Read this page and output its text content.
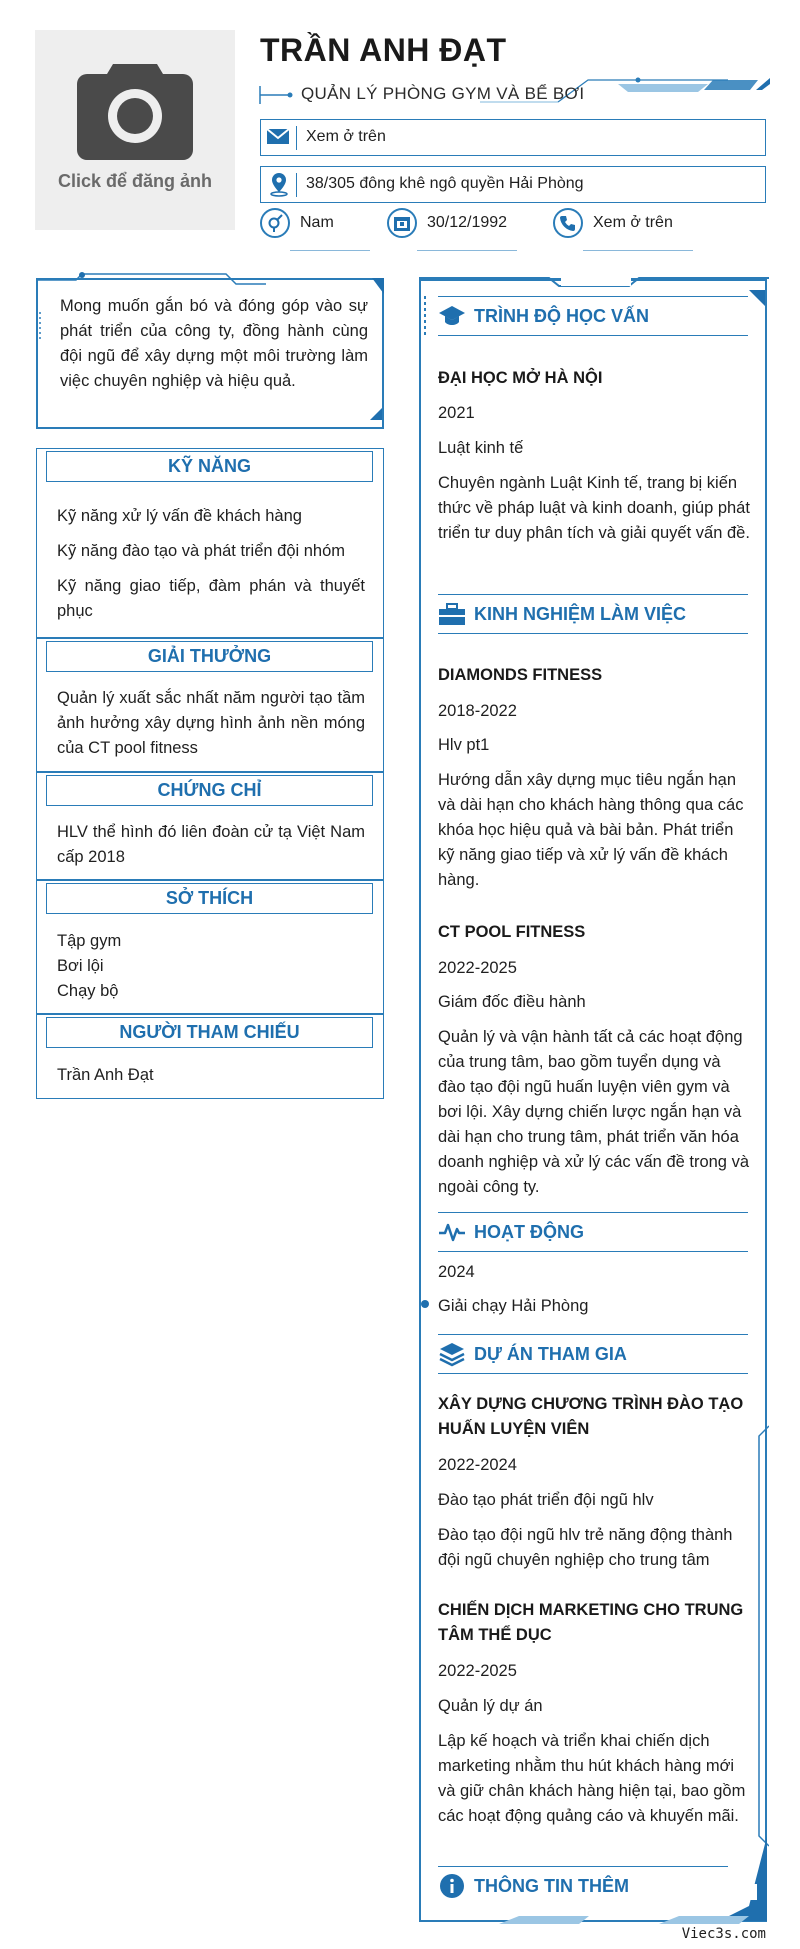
Click để đăng ảnh
TRẦN ANH ĐẠT
QUẢN LÝ PHÒNG GYM VÀ BỂ BƠI
Xem ở trên
38/305 đông khê ngô quyền Hải Phòng
Nam	30/12/1992	Xem ở trên

Mong muốn gắn bó và đóng góp vào sự phát triển của công ty, đồng hành cùng đội ngũ để xây dựng một môi trường làm việc chuyên nghiệp và hiệu quả.

KỸ NĂNG
Kỹ năng xử lý vấn đề khách hàng
Kỹ năng đào tạo và phát triển đội nhóm
Kỹ năng giao tiếp, đàm phán và thuyết phục
GIẢI THƯỞNG
Quản lý xuất sắc nhất năm người tạo tầm ảnh hưởng xây dựng hình ảnh nền móng của CT pool fitness
CHỨNG CHỈ
HLV thể hình đó liên đoàn cử tạ Việt Nam cấp 2018
SỞ THÍCH
Tập gym
Bơi lội
Chạy bộ
NGƯỜI THAM CHIẾU
Trần Anh Đạt
TRÌNH ĐỘ HỌC VẤN
ĐẠI HỌC MỞ HÀ NỘI
2021
Luật kinh tế
Chuyên ngành Luật Kinh tế, trang bị kiến thức về pháp luật và kinh doanh, giúp phát triển tư duy phân tích và giải quyết vấn đề.
KINH NGHIỆM LÀM VIỆC
DIAMONDS FITNESS
2018-2022
Hlv pt1
Hướng dẫn xây dựng mục tiêu ngắn hạn và dài hạn cho khách hàng thông qua các khóa học hiệu quả và bài bản. Phát triển kỹ năng giao tiếp và xử lý vấn đề khách hàng.
CT POOL FITNESS
2022-2025
Giám đốc điều hành
Quản lý và vận hành tất cả các hoạt động của trung tâm, bao gồm tuyển dụng và đào tạo đội ngũ huấn luyện viên gym và bơi lội. Xây dựng chiến lược ngắn hạn và dài hạn cho trung tâm, phát triển văn hóa doanh nghiệp và xử lý các vấn đề trong và ngoài công ty.
HOẠT ĐỘNG
2024
Giải chạy Hải Phòng
DỰ ÁN THAM GIA
XÂY DỰNG CHƯƠNG TRÌNH ĐÀO TẠO HUẤN LUYỆN VIÊN
2022-2024
Đào tạo phát triển đội ngũ hlv
Đào tạo đội ngũ hlv trẻ năng động thành đội ngũ chuyên nghiệp cho trung tâm
CHIẾN DỊCH MARKETING CHO TRUNG TÂM THỂ DỤC
2022-2025
Quản lý dự án
Lập kế hoạch và triển khai chiến dịch marketing nhằm thu hút khách hàng mới và giữ chân khách hàng hiện tại, bao gồm các hoạt động quảng cáo và khuyến mãi.
THÔNG TIN THÊM
Viec3s.com
